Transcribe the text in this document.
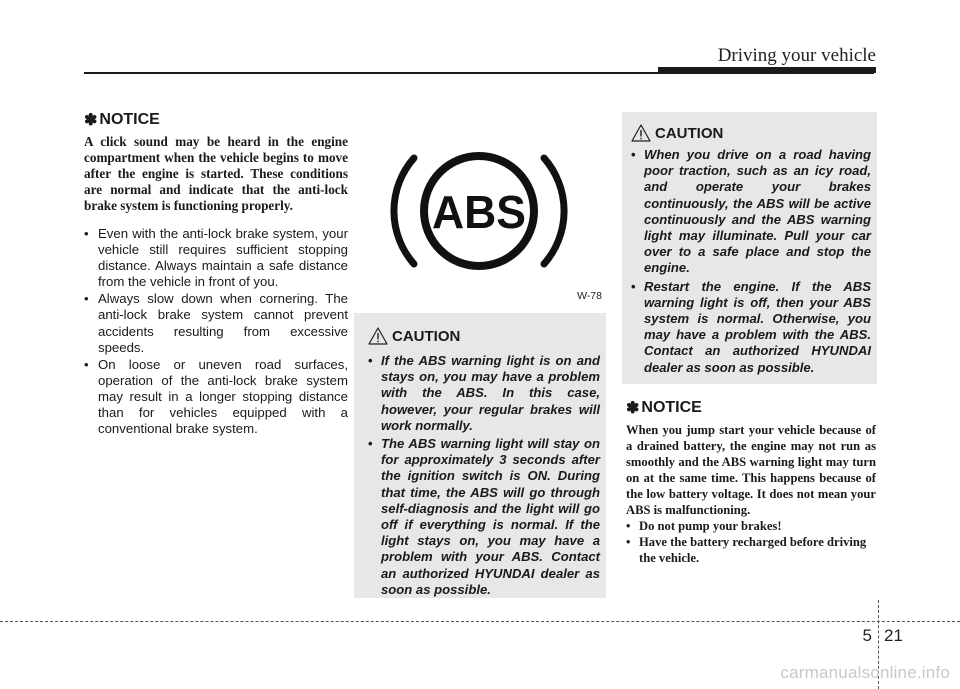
Driving your vehicle
✽ NOTICE

A click sound may be heard in the engine compartment when the vehicle begins to move after the engine is started. These conditions are normal and indicate that the anti-lock brake system is functioning properly.

• Even with the anti-lock brake system, your vehicle still requires sufficient stopping distance. Always maintain a safe distance from the vehicle in front of you.
• Always slow down when cornering. The anti-lock brake system cannot prevent accidents resulting from excessive speeds.
• On loose or uneven road surfaces, operation of the anti-lock brake system may result in a longer stopping distance than for vehicles equipped with a conventional brake system.
ABS
W-78
CAUTION
• If the ABS warning light is on and stays on, you may have a problem with the ABS. In this case, however, your regular brakes will work normally.
• The ABS warning light will stay on for approximately 3 seconds after the ignition switch is ON. During that time, the ABS will go through self-diagnosis and the light will go off if everything is normal. If the light stays on, you may have a problem with your ABS. Contact an authorized HYUNDAI dealer as soon as possible.
CAUTION
• When you drive on a road having poor traction, such as an icy road, and operate your brakes continuously, the ABS will be active continuously and the ABS warning light may illuminate. Pull your car over to a safe place and stop the engine.
• Restart the engine. If the ABS warning light is off, then your ABS system is normal. Otherwise, you may have a problem with the ABS. Contact an authorized HYUNDAI dealer as soon as possible.
✽ NOTICE

When you jump start your vehicle because of a drained battery, the engine may not run as smoothly and the ABS warning light may turn on at the same time. This happens because of the low battery voltage. It does not mean your ABS is malfunctioning.

• Do not pump your brakes!
• Have the battery recharged before driving the vehicle.
5 21
carmanualsonline.info
